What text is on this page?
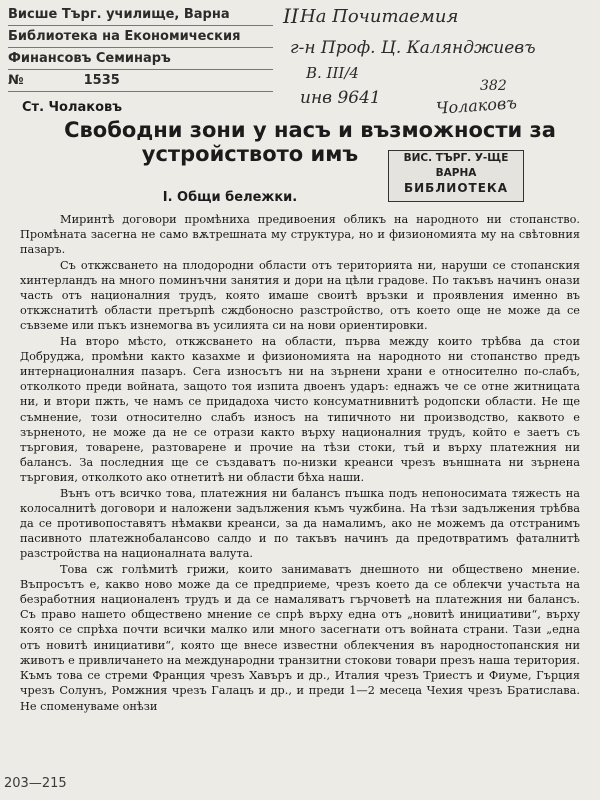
Висше Търг. училище, Варна
Библиотека на Економическия
Финансовъ Семинаръ
№	1535
II На Почитаемия
г-н Проф. Ц. Калянджиевъ
В. ІІІ/4
инв 9641
382
Чолаковъ
Ст. Чолаковъ
Свободни зони у насъ и възможности за
устройството имъ	ВИС. ТЪРГ. У-ЩЕ
ВАРНА
БИБЛИОТЕКА
I. Общи бележки.

Миринтѣ договори промѣниха предивоения обликъ на народното ни стопанство. Промѣната засегна не само вѫтрешната му структура, но и физиономията му на свѣтовния пазаръ.

Съ откжсването на плодородни области отъ територията ни, наруши се стопанския хинтерландъ на много поминъчни занятия и дори на цѣли градове. По такъвъ начинъ онази часть отъ националния трудъ, която имаше своитѣ връзки и проявления именно въ откжснатитѣ области претърпѣ сждбоносно разстройство, отъ което още не може да се съвземе или пъкъ изнемогва въ усилията си на нови ориентировки.

На второ мѣсто, откжсването на области, първа между които трѣбва да стои Добруджа, промѣни както казахме и физиономията на народното ни стопанство предъ интернационалния пазаръ. Сега износътъ ни на зърнени храни е относително по-слабъ, отколкото преди войната, защото тоя изпита двоенъ ударъ: еднажъ че се отне житницата ни, и втори пжть, че намъ се придадоха чисто консуматнивнитѣ родопски области. Не ще съмнение, този относително слабъ износъ на типичното ни производство, каквото е зърненото, не може да не се отрази както върху националния трудъ, който е заетъ съ търговия, товарене, разтоварене и прочие на тѣзи стоки, тъй и върху платежния ни балансъ. За последния ще се създаватъ по-низки креанси чрезъ външната ни зърнена търговия, отколкото ако отнетитѣ ни области бѣха наши.

Вънъ отъ всичко това, платежния ни балансъ пъшка подъ непоносимата тяжесть на колосалнитѣ договори и наложени задължения къмъ чужбина. На тѣзи задължения трѣбва да се противопоставятъ нѣмакви креанси, за да намалимъ, ако не можемъ да отстранимъ пасивното платежнобалансово салдо и по такъвъ начинъ да предотвратимъ фаталнитѣ разстройства на националната валута.

Това сж голѣмитѣ грижи, които занимаватъ днешното ни обществено мнение. Въпросътъ е, какво ново може да се предприеме, чрезъ което да се облекчи участьта на безработния националенъ трудъ и да се намаляватъ гърчоветѣ на платежния ни балансъ. Съ право нашето обществено мнение се спрѣ върху една отъ „новитѣ инициативи“, върху която се спрѣха почти всички малко или много засегнати отъ войната страни. Тази „една отъ новитѣ инициативи“, която ще внесе известни облекчения въ народностопанския ни животъ е привличането на международни транзитни стокови товари презъ наша територия. Къмъ това се стреми Франция чрезъ Хавъръ и др., Италия чрезъ Триестъ и Фиуме, Гърция чрезъ Солунъ, Ромжния чрезъ Галацъ и др., и преди 1—2 месеца Чехия чрезъ Братислава. Не споменуваме онѣзи

203—215
